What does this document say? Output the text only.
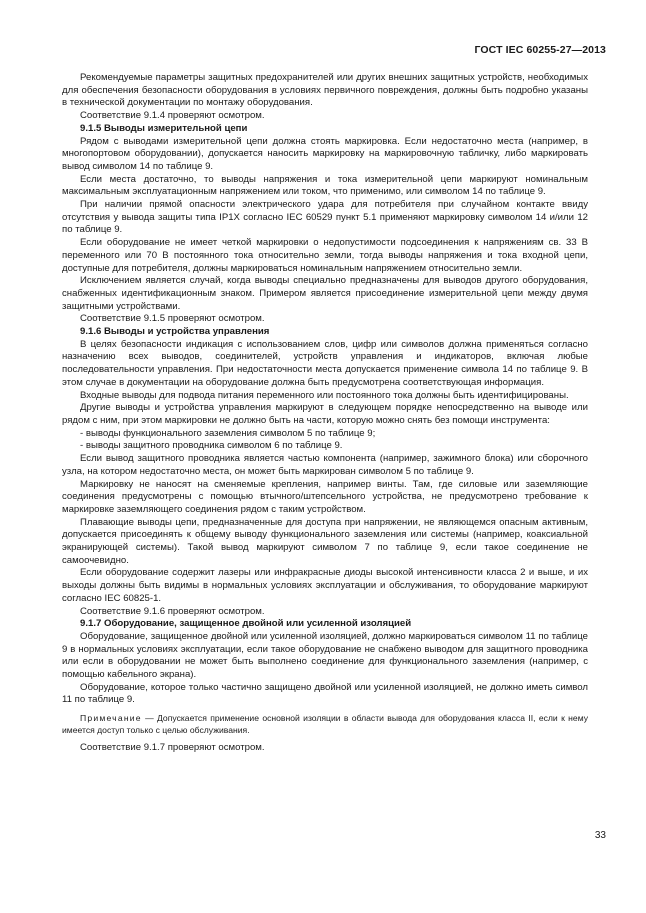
ГОСТ IEC 60255-27—2013

Рекомендуемые параметры защитных предохранителей или других внешних защитных устройств, необходимых для обеспечения безопасности оборудования в условиях первичного повреждения, должны быть подробно указаны в технической документации по монтажу оборудования.

Соответствие 9.1.4 проверяют осмотром.

9.1.5 Выводы измерительной цепи

Рядом с выводами измерительной цепи должна стоять маркировка. Если недостаточно места (например, в многопортовом оборудовании), допускается наносить маркировку на маркировочную табличку, либо маркировать вывод символом 14 по таблице 9.

Если места достаточно, то выводы напряжения и тока измерительной цепи маркируют номинальным максимальным эксплуатационным напряжением или током, что применимо, или символом 14 по таблице 9.

При наличии прямой опасности электрического удара для потребителя при случайном контакте ввиду отсутствия у вывода защиты типа IP1X согласно IEC 60529 пункт 5.1 применяют маркировку символом 14 и/или 12 по таблице 9.

Если оборудование не имеет четкой маркировки о недопустимости подсоединения к напряжениям св. 33 В переменного или 70 В постоянного тока относительно земли, тогда выводы напряжения и тока входной цепи, доступные для потребителя, должны маркироваться номинальным напряжением относительно земли.

Исключением является случай, когда выводы специально предназначены для выводов другого оборудования, снабженных идентификационным знаком. Примером является присоединение измерительной цепи между двумя защитными устройствами.

Соответствие 9.1.5 проверяют осмотром.

9.1.6 Выводы и устройства управления

В целях безопасности индикация с использованием слов, цифр или символов должна применяться согласно назначению всех выводов, соединителей, устройств управления и индикаторов, включая любые последовательности управления. При недостаточности места допускается применение символа 14 по таблице 9. В этом случае в документации на оборудование должна быть предусмотрена соответствующая информация.

Входные выводы для подвода питания переменного или постоянного тока должны быть идентифицированы.

Другие выводы и устройства управления маркируют в следующем порядке непосредственно на выводе или рядом с ним, при этом маркировки не должно быть на части, которую можно снять без помощи инструмента:

- выводы функционального заземления символом 5 по таблице 9;

- выводы защитного проводника символом 6 по таблице 9.

Если вывод защитного проводника является частью компонента (например, зажимного блока) или сборочного узла, на котором недостаточно места, он может быть маркирован символом 5 по таблице 9.

Маркировку не наносят на сменяемые крепления, например винты. Там, где силовые или заземляющие соединения предусмотрены с помощью втычного/штепсельного устройства, не предусмотрено требование к маркировке заземляющего соединения рядом с таким устройством.

Плавающие выводы цепи, предназначенные для доступа при напряжении, не являющемся опасным активным, допускается присоединять к общему выводу функционального заземления или системы (например, коаксиальной экранирующей системы). Такой вывод маркируют символом 7 по таблице 9, если такое соединение не самоочевидно.

Если оборудование содержит лазеры или инфракрасные диоды высокой интенсивности класса 2 и выше, и их выходы должны быть видимы в нормальных условиях эксплуатации и обслуживания, то оборудование маркируют согласно IEC 60825-1.

Соответствие 9.1.6 проверяют осмотром.

9.1.7 Оборудование, защищенное двойной или усиленной изоляцией

Оборудование, защищенное двойной или усиленной изоляцией, должно маркироваться символом 11 по таблице 9 в нормальных условиях эксплуатации, если такое оборудование не снабжено выводом для защитного проводника или если в оборудовании не может быть выполнено соединение для функционального заземления (например, с помощью кабельного экрана).

Оборудование, которое только частично защищено двойной или усиленной изоляцией, не должно иметь символ 11 по таблице 9.

Примечание — Допускается применение основной изоляции в области вывода для оборудования класса II, если к нему имеется доступ только с целью обслуживания.

Соответствие 9.1.7 проверяют осмотром.

33
